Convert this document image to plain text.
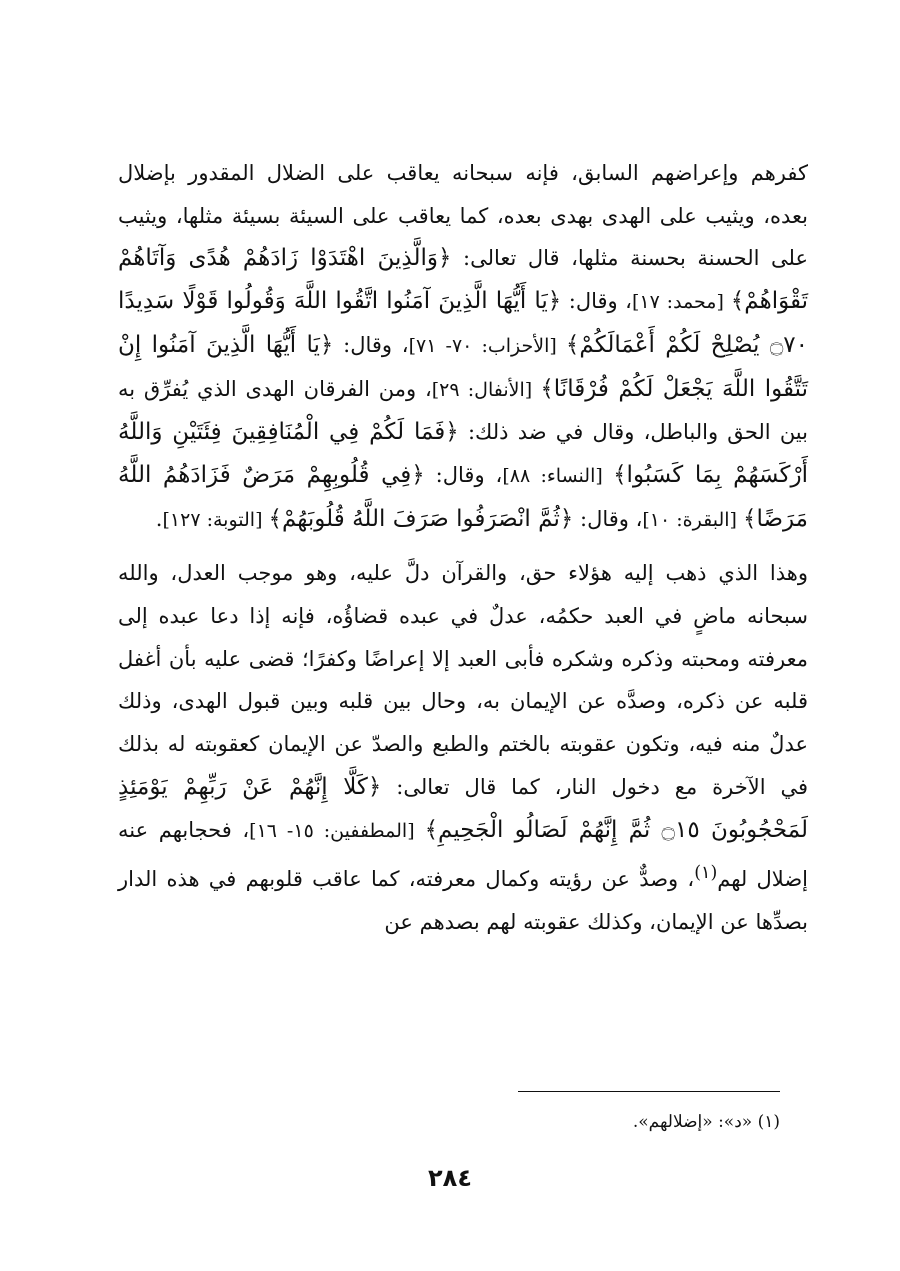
كفرهم وإعراضهم السابق، فإنه سبحانه يعاقب على الضلال المقدور بإضلال بعده، ويثيب على الهدى بهدى بعده، كما يعاقب على السيئة بسيئة مثلها، ويثيب على الحسنة بحسنة مثلها، قال تعالى: ﴿وَالَّذِينَ اهْتَدَوْا زَادَهُمْ هُدًى وَآتَاهُمْ تَقْوَاهُمْ﴾ [محمد: ١٧]، وقال: ﴿يَا أَيُّهَا الَّذِينَ آمَنُوا اتَّقُوا اللَّهَ وَقُولُوا قَوْلًا سَدِيدًا ۝٧٠ يُصْلِحْ لَكُمْ أَعْمَالَكُمْ﴾ [الأحزاب: ٧٠- ٧١]، وقال: ﴿يَا أَيُّهَا الَّذِينَ آمَنُوا إِنْ تَتَّقُوا اللَّهَ يَجْعَلْ لَكُمْ فُرْقَانًا﴾ [الأنفال: ٢٩]، ومن الفرقان الهدى الذي يُفرِّق به بين الحق والباطل، وقال في ضد ذلك: ﴿فَمَا لَكُمْ فِي الْمُنَافِقِينَ فِئَتَيْنِ وَاللَّهُ أَرْكَسَهُمْ بِمَا كَسَبُوا﴾ [النساء: ٨٨]، وقال: ﴿فِي قُلُوبِهِمْ مَرَضٌ فَزَادَهُمُ اللَّهُ مَرَضًا﴾ [البقرة: ١٠]، وقال: ﴿ثُمَّ انْصَرَفُوا صَرَفَ اللَّهُ قُلُوبَهُمْ﴾ [التوبة: ١٢٧].

وهذا الذي ذهب إليه هؤلاء حق، والقرآن دلَّ عليه، وهو موجب العدل، والله سبحانه ماضٍ في العبد حكمُه، عدلٌ في عبده قضاؤُه، فإنه إذا دعا عبده إلى معرفته ومحبته وذكره وشكره فأبى العبد إلا إعراضًا وكفرًا؛ قضى عليه بأن أغفل قلبه عن ذكره، وصدَّه عن الإيمان به، وحال بين قلبه وبين قبول الهدى، وذلك عدلٌ منه فيه، وتكون عقوبته بالختم والطبع والصدّ عن الإيمان كعقوبته له بذلك في الآخرة مع دخول النار، كما قال تعالى: ﴿كَلَّا إِنَّهُمْ عَنْ رَبِّهِمْ يَوْمَئِذٍ لَمَحْجُوبُونَ ۝١٥ ثُمَّ إِنَّهُمْ لَصَالُو الْجَحِيمِ﴾ [المطففين: ١٥- ١٦]، فحجابهم عنه إضلال لهم$^{(١)}$، وصدٌّ عن رؤيته وكمال معرفته، كما عاقب قلوبهم في هذه الدار بصدِّها عن الإيمان، وكذلك عقوبته لهم بصدهم عن

(١) «د»: «إضلالهم».
٢٨٤
